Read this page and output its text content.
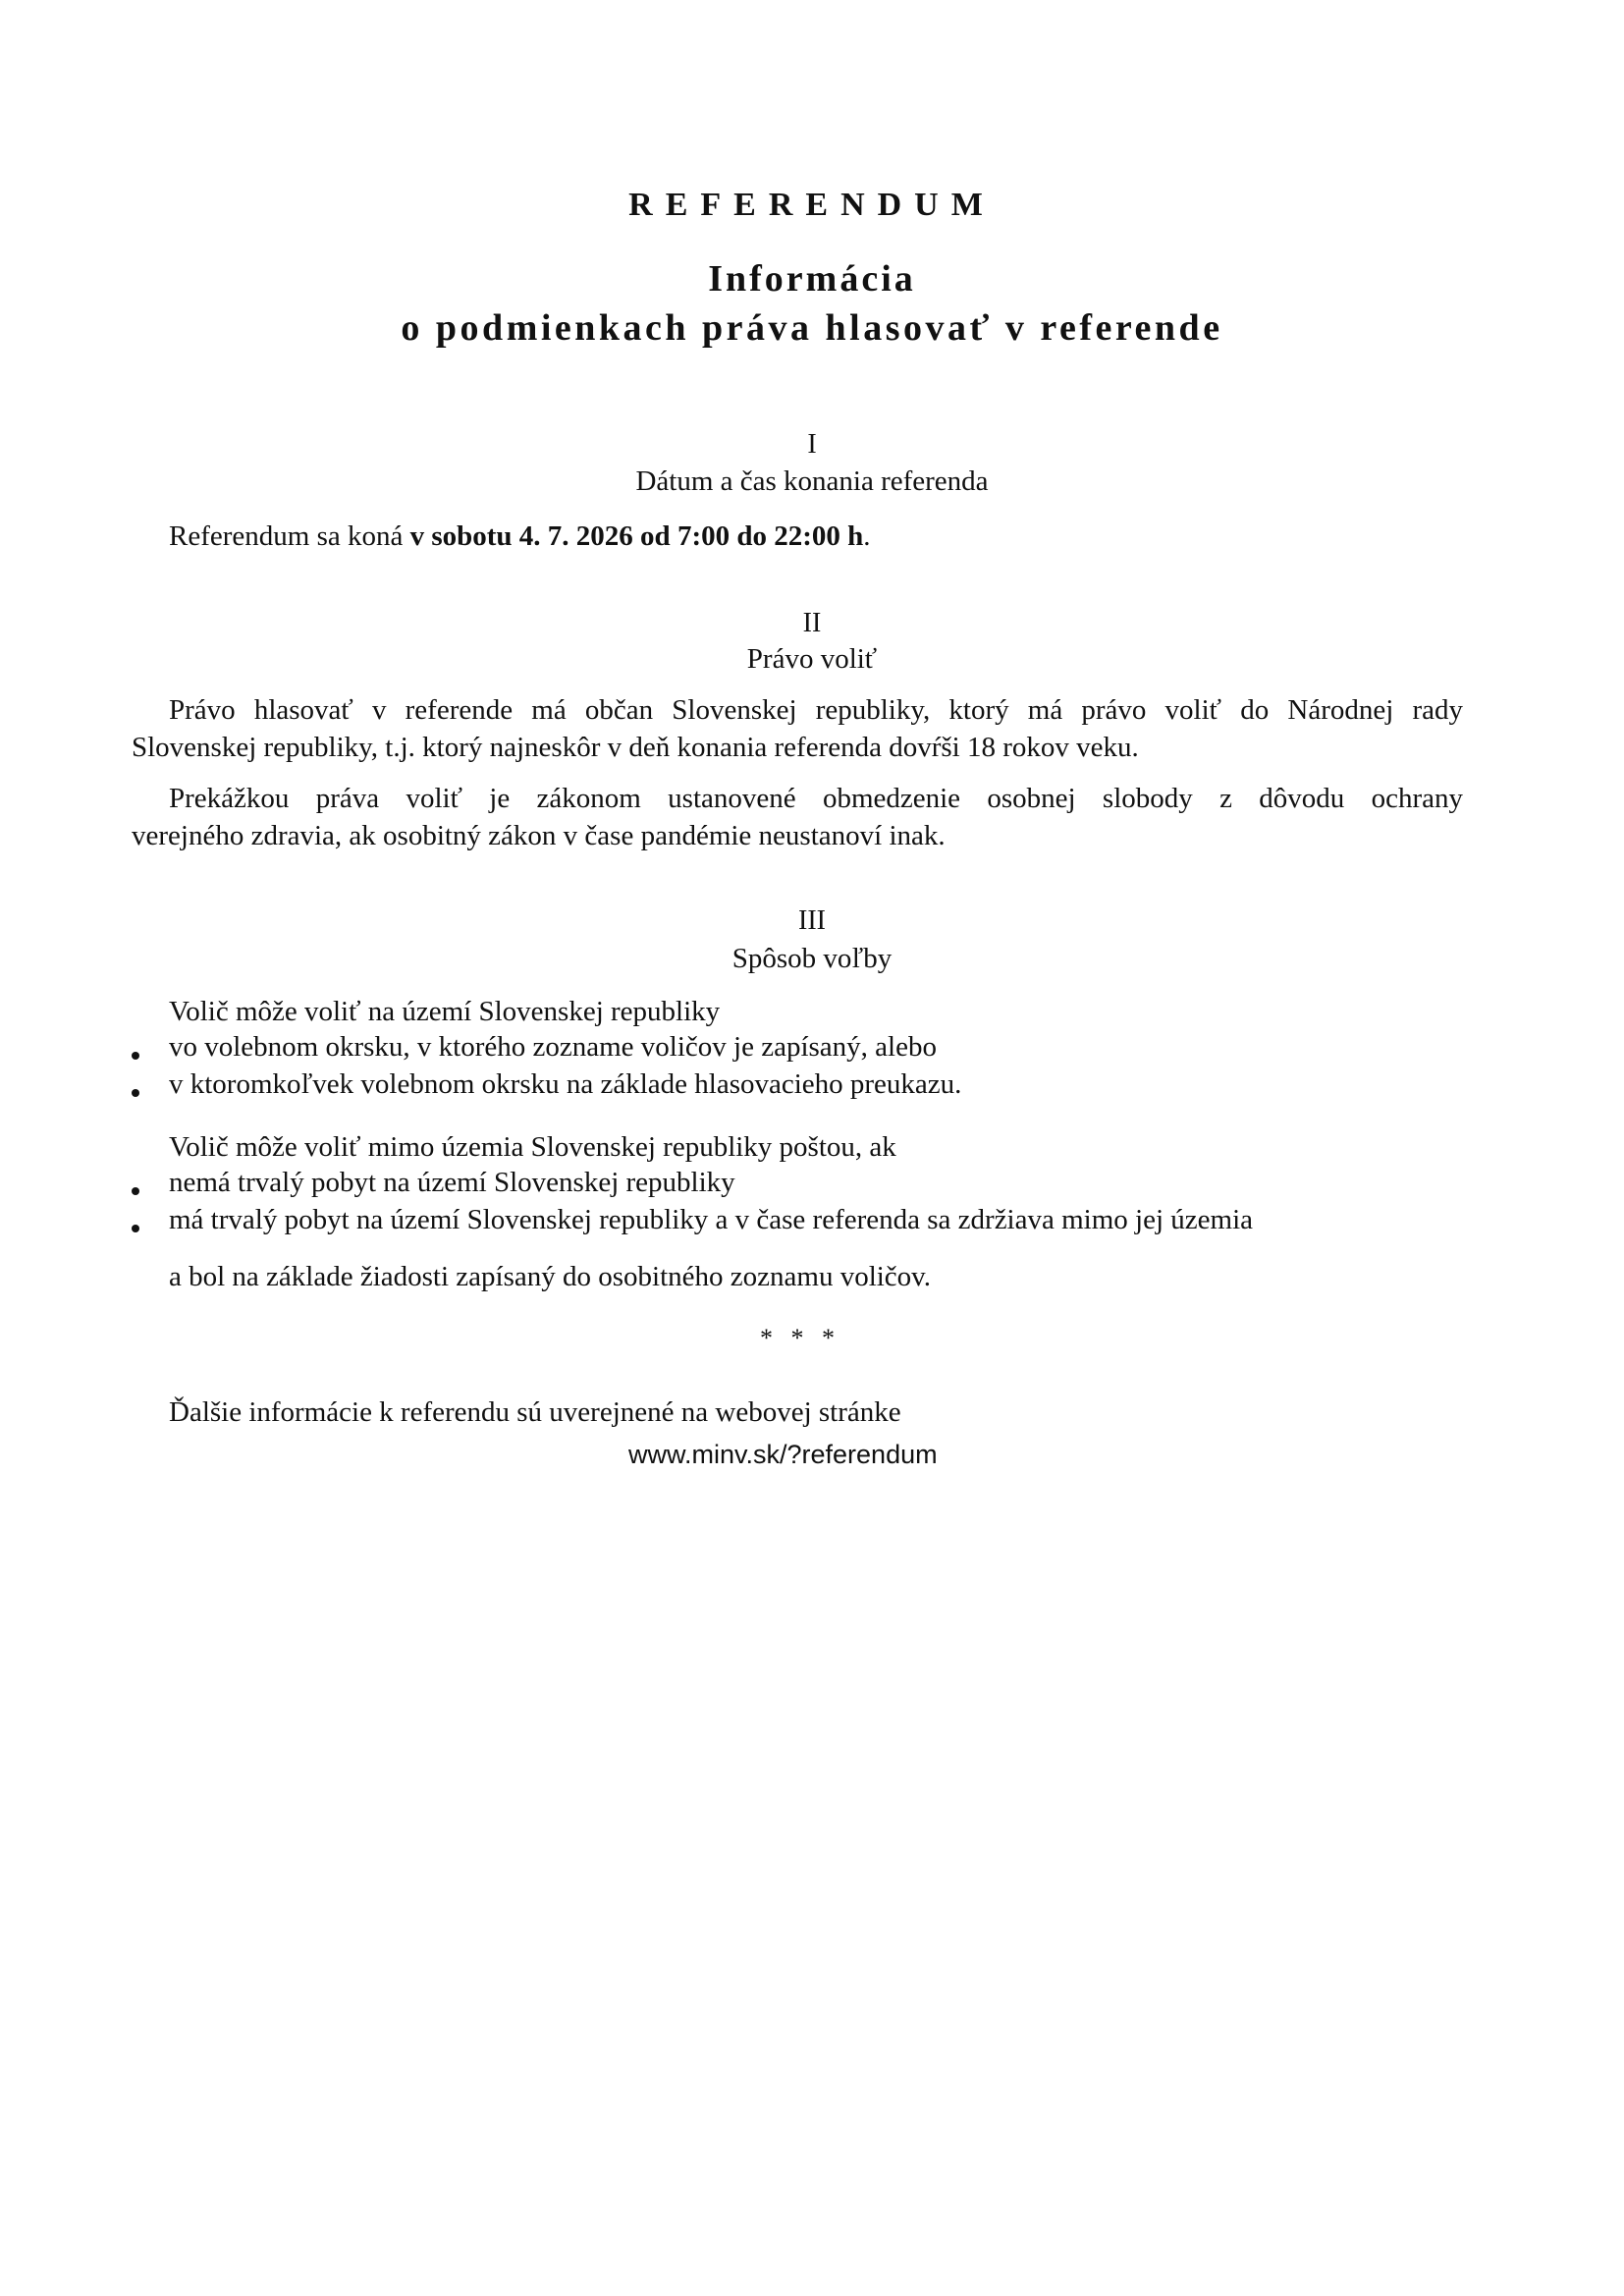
REFERENDUM
Informácia
o podmienkach práva hlasovať v referende
I
Dátum a čas konania referenda

Referendum sa koná v sobotu 4. 7. 2026 od 7:00 do 22:00 h.

II
Právo voliť

Právo hlasovať v referende má občan Slovenskej republiky, ktorý má právo voliť do Národnej rady

Slovenskej republiky, t.j. ktorý najneskôr v deň konania referenda dovŕši 18 rokov veku.

Prekážkou práva voliť je zákonom ustanovené obmedzenie osobnej slobody z dôvodu ochrany

verejného zdravia, ak osobitný zákon v čase pandémie neustanoví inak.

III
Spôsob voľby

Volič môže voliť na území Slovenskej republiky

vo volebnom okrsku, v ktorého zozname voličov je zapísaný, alebo

v ktoromkoľvek volebnom okrsku na základe hlasovacieho preukazu.

Volič môže voliť mimo územia Slovenskej republiky poštou, ak

nemá trvalý pobyt na území Slovenskej republiky

má trvalý pobyt na území Slovenskej republiky a v čase referenda sa zdržiava mimo jej územia

a bol na základe žiadosti zapísaný do osobitného zoznamu voličov.

* * *

Ďalšie informácie k referendu sú uverejnené na webovej stránke

www.minv.sk/?referendum
